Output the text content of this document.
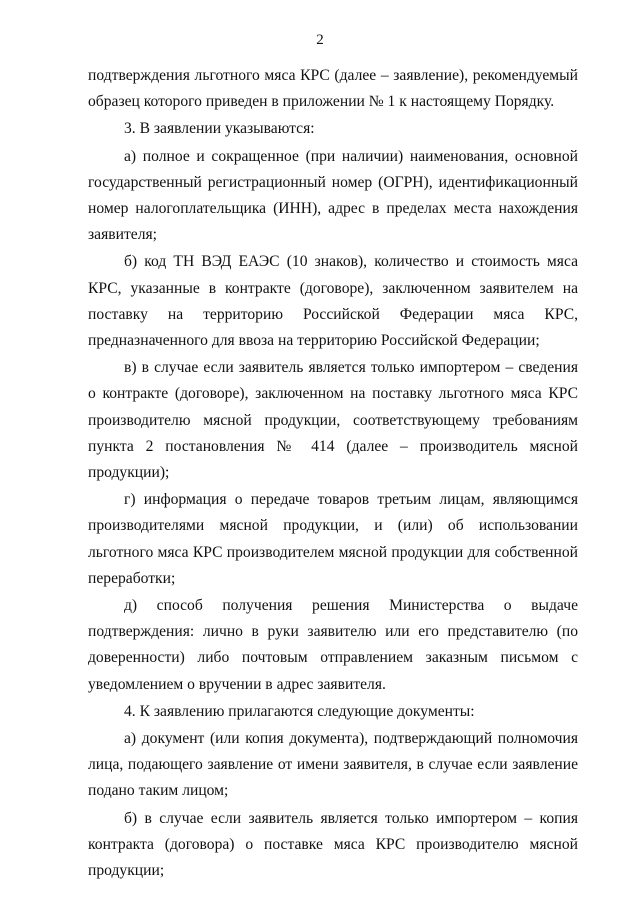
2

подтверждения льготного мяса КРС (далее – заявление), рекомендуемый образец которого приведен в приложении № 1 к настоящему Порядку.

3. В заявлении указываются:

а) полное и сокращенное (при наличии) наименования, основной государственный регистрационный номер (ОГРН), идентификационный номер налогоплательщика (ИНН), адрес в пределах места нахождения заявителя;

б) код ТН ВЭД ЕАЭС (10 знаков), количество и стоимость мяса КРС, указанные в контракте (договоре), заключенном заявителем на поставку на территорию Российской Федерации мяса КРС, предназначенного для ввоза на территорию Российской Федерации;

в) в случае если заявитель является только импортером – сведения о контракте (договоре), заключенном на поставку льготного мяса КРС производителю мясной продукции, соответствующему требованиям пункта 2 постановления № 414 (далее – производитель мясной продукции);

г) информация о передаче товаров третьим лицам, являющимся производителями мясной продукции, и (или) об использовании льготного мяса КРС производителем мясной продукции для собственной переработки;

д) способ получения решения Министерства о выдаче подтверждения: лично в руки заявителю или его представителю (по доверенности) либо почтовым отправлением заказным письмом с уведомлением о вручении в адрес заявителя.

4. К заявлению прилагаются следующие документы:

а) документ (или копия документа), подтверждающий полномочия лица, подающего заявление от имени заявителя, в случае если заявление подано таким лицом;

б) в случае если заявитель является только импортером – копия контракта (договора) о поставке мяса КРС производителю мясной продукции;
